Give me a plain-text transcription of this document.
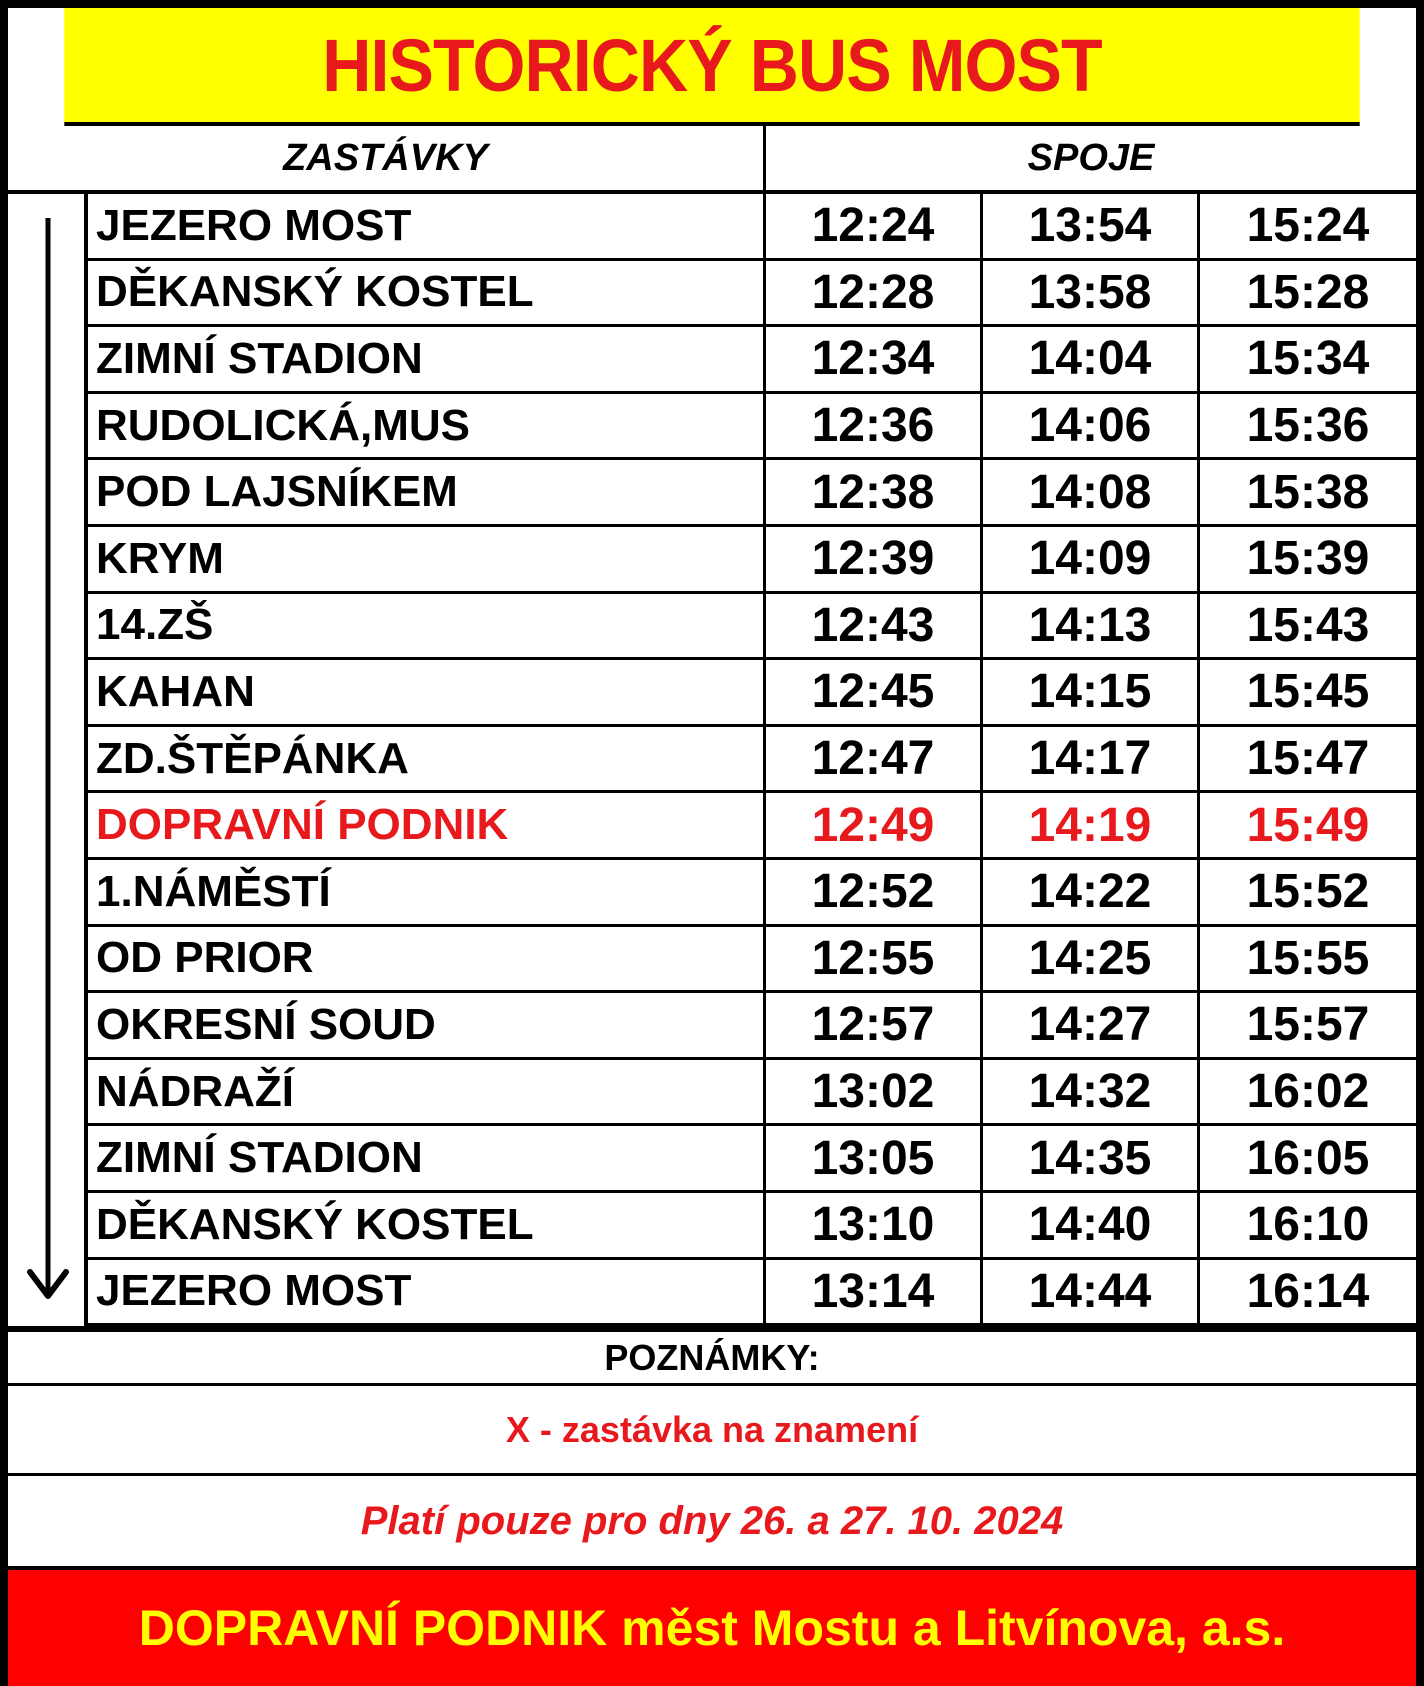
HISTORICKÝ BUS MOST
ZASTÁVKY	SPOJE
JEZERO MOST	12:24	13:54	15:24
DĚKANSKÝ KOSTEL	12:28	13:58	15:28
ZIMNÍ STADION	12:34	14:04	15:34
RUDOLICKÁ,MUS	12:36	14:06	15:36
POD LAJSNÍKEM	12:38	14:08	15:38
KRYM	12:39	14:09	15:39
14.ZŠ	12:43	14:13	15:43
KAHAN	12:45	14:15	15:45
ZD.ŠTĚPÁNKA	12:47	14:17	15:47
DOPRAVNÍ PODNIK	12:49	14:19	15:49
1.NÁMĚSTÍ	12:52	14:22	15:52
OD PRIOR	12:55	14:25	15:55
OKRESNÍ SOUD	12:57	14:27	15:57
NÁDRAŽÍ	13:02	14:32	16:02
ZIMNÍ STADION	13:05	14:35	16:05
DĚKANSKÝ KOSTEL	13:10	14:40	16:10
JEZERO MOST	13:14	14:44	16:14
POZNÁMKY:
X - zastávka na znamení
Platí pouze pro dny 26. a 27. 10. 2024
DOPRAVNÍ PODNIK měst Mostu a Litvínova, a.s.
